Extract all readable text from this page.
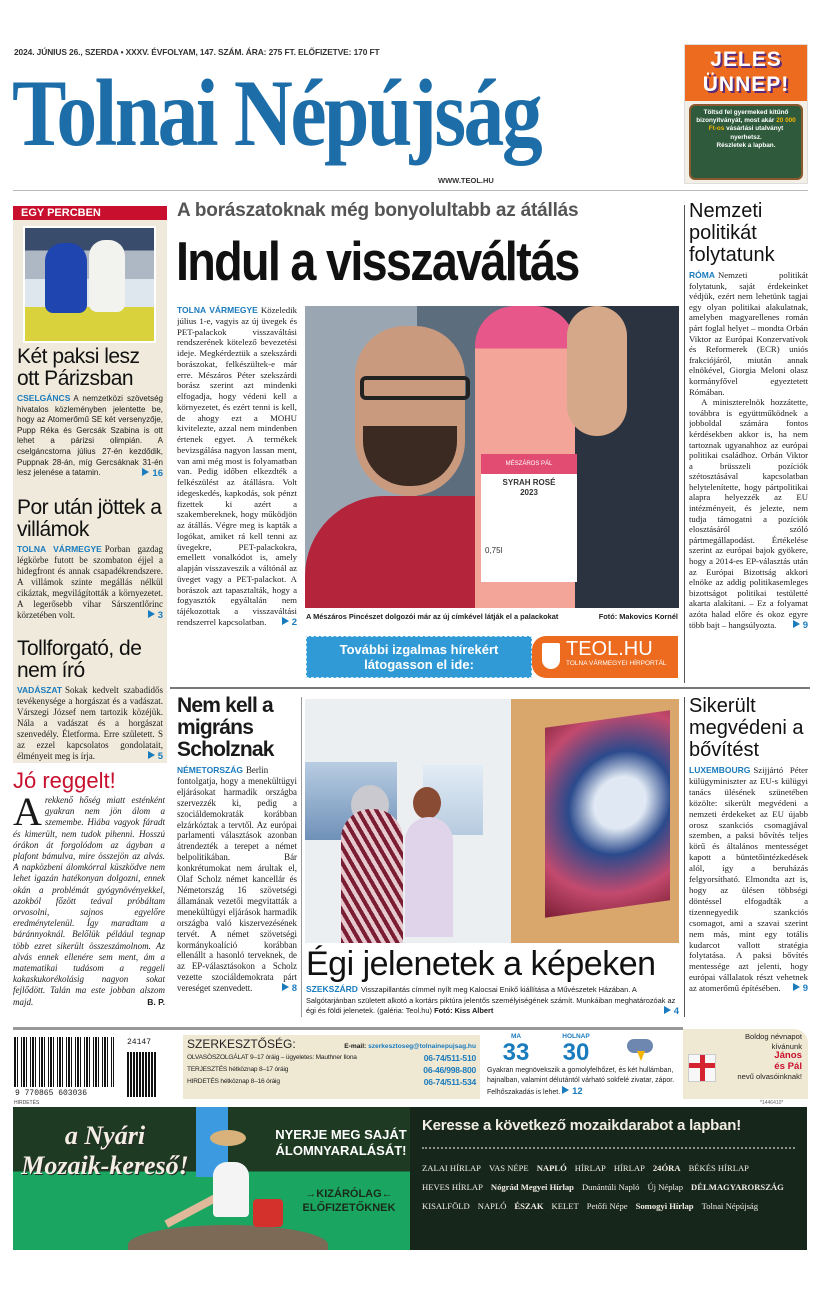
2024. JÚNIUS 26., SZERDA • XXXV. ÉVFOLYAM, 147. SZÁM. ÁRA: 275 FT. ELŐFIZETVE: 170 FT
Tolnai Népújság
WWW.TEOL.HU
JELES ÜNNEP!
Töltsd fel gyermeked kitűnő bizonyítványát, most akár 20 000 Ft-os vásárlási utalványt nyerhetsz.
Részletek a lapban.
EGY PERCBEN
Két paksi lesz ott Párizsban
CSELGÁNCS A nemzetközi szövetség hivatalos közleményben jelentette be, hogy az Atomerőmű SE két versenyzője, Pupp Réka és Gercsák Szabina is ott lehet a párizsi olimpián. A cselgáncstorna július 27-én kezdődik, Puppnak 28-án, míg Gercsáknak 31-én lesz jelenése a tatamin.	16
Por után jöttek a villámok
TOLNA VÁRMEGYE Porban gazdag légkörbe futott be szombaton éjjel a hidegfront és annak csapadékrendszere. A villámok szinte megállás nélkül cikáztak, megvilágították a környezetet. A legerősebb vihar Sárszentlőrinc körzetében volt.	3
Tollforgató, de nem író
VADÁSZAT Sokak kedvelt szabadidős tevékenysége a horgászat és a vadászat. Várszegi József nem tartozik közéjük. Nála a vadászat és a horgászat szenvedély. Életforma. Erre született. S az ezzel kapcsolatos gondolatait, élményeit meg is írja.	5
Jó reggelt!
Arekkenő hőség miatt esténként gyakran nem jön álom a szemembe. Hiába vagyok fáradt és kimerült, nem tudok pihenni. Hosszú órákon át forgolódom az ágyban a plafont bámulva, mire összejön az alvás. A napközbeni álomkórral küszködve nem lehet igazán hatékonyan dolgozni, ennek okán a problémát gyógynövényekkel, azokból főzött teával próbáltam orvosolni, sajnos egyelőre eredménytelenül. Így maradtam a báránnyoknál. Belőlük például tegnap több ezret sikerült összeszámolnom. Az alvás ennek ellenére sem ment, ám a matematikai tudásom a reggeli kakaskukorékolásig nagyon sokat fejlődött. Talán ma este jobban alszom majd.	B. P.
A borászatoknak még bonyolultabb az átállás
Indul a visszaváltás
TOLNA VÁRMEGYE Közeledik július 1-e, vagyis az új üvegek és PET-palackok visszaváltási rendszerének kötelező bevezetési ideje. Megkérdeztük a szekszárdi borászokat, felkészültek-e már erre. Mészáros Péter szekszárdi borász szerint azt mindenki elfogadja, hogy védeni kell a környezetet, és ezért tenni is kell, de ahogy ezt a MOHU kivitelezte, azzal nem mindenben értenek egyet. A termékek bevizsgálása nagyon lassan ment, van ami még most is folyamatban van. Pedig időben elkezdték a felkészülést az átállásra. Volt idegeskedés, kapkodás, sok pénzt fizettek ki azért a szakembereknek, hogy működjön az átállás. Végre meg is kapták a logókat, amiket rá kell tenni az üvegekre, PET-palackokra, emellett vonalkódot is, amely alapján visszaveszik a váltónál az üveget vagy a PET-palackot. A borászok azt tapasztalták, hogy a fogyasztók egyáltalán nem tájékozottak a visszaváltási rendszerrel kapcsolatban.	2
MÉSZÁROS PÁL
SYRAH ROSÉ
2023
0,75l
A Mészáros Pincészet dolgozói már az új címkével látják el a palackokat	Fotó: Makovics Kornél
További izgalmas hírekért látogasson el ide:
TEOL.HU
TOLNA VÁRMEGYEI HÍRPORTÁL
Nemzeti politikát folytatunk
RÓMA Nemzeti politikát folytatunk, saját érdekeinket védjük, ezért nem lehetünk tagjai egy olyan politikai alakulatnak, amelyben magyarellenes román párt foglal helyet – mondta Orbán Viktor az Európai Konzervatívok és Reformerek (ECR) uniós frakciójáról, miután annak elnökével, Giorgia Meloni olasz kormányfővel egyeztetett Rómában.
A miniszterelnök hozzátette, továbbra is együttműködnek a jobboldal számára fontos kérdésekben akkor is, ha nem tartoznak ugyanahhoz az európai politikai családhoz. Orbán Viktor a brüsszeli pozíciók szétosztásával kapcsolatban helytelenítette, hogy pártpolitikai alapra helyezzék az EU intézményeit, és jelezte, nem tudja támogatni a pozíciók elosztásáról szóló pártmegállapodást. Értékelése szerint az európai bajok gyökere, hogy a 2014-es EP-választás után az Európai Bizottság akkori elnöke az addig politikasemleges bizottságot politikai testületté akarta alakítani. – Ez a folyamat azóta halad előre és okoz egyre több bajt – hangsúlyozta.	9
Nem kell a migráns Scholznak
NÉMETORSZÁG Berlin fontolgatja, hogy a menekültügyi eljárásokat harmadik országba szervezzék ki, pedig a szociáldemokraták korábban elzárkóztak a tervtől. Az európai parlamenti választások azonban átrendezték a terepet a német belpolitikában. Bár konkrétumokat nem árultak el, Olaf Scholz német kancellár és Németország 16 szövetségi államának vezetői megvitatták a menekültügyi eljárások harmadik országba való kiszervezésének tervét. A német szövetségi kormánykoalíció korábban ellenállt a hasonló terveknek, de az EP-választásokon a Scholz vezette szociáldemokrata párt vereséget szenvedett.	8
Égi jelenetek a képeken
SZEKSZÁRD Visszapillantás címmel nyílt meg Kalocsai Enikő kiállítása a Művészetek Házában. A Salgótarjánban született alkotó a kortárs piktúra jelentős személyiségének számít. Munkáiban meghatározóak az égi és földi jelenetek. (galéria: Teol.hu) Fotó: Kiss Albert	4
Sikerült megvédeni a bővítést
LUXEMBOURG Szijjártó Péter külügyminiszter az EU-s külügyi tanács ülésének szünetében közölte: sikerült megvédeni a nemzeti érdekeket az EU újabb orosz szankciós csomagjával szemben, a paksi bővítés teljes körű és általános mentességet kapott a büntetőintézkedések alól, így a beruházás felgyorsítható. Elmondta azt is, hogy az ülésen többségi döntéssel elfogadták a tizennegyedik szankciós csomagot, ami a szavai szerint nem más, mint egy totális kudarcot vallott stratégia folytatása. A paksi bővítés mentessége azt jelenti, hogy európai vállalatok részt vehetnek az atomerőmű építésében.	9
9 770865 603036
24147
HIRDETÉS
SZERKESZTŐSÉG:	E-mail: szerkesztoseg@tolnainepujsag.hu
OLVASÓSZOLGÁLAT 9–17 óráig – ügyeletes: Mauthner Ilona	06-74/511-510
TERJESZTÉS hétköznap 8–17 óráig	06-46/998-800
HIRDETÉS hétköznap 8–16 óráig	06-74/511-534
MA
33
HOLNAP
30
Gyakran megnövekszik a gomolyfelhőzet, és két hullámban, hajnalban, valamint délutántól várható sokfelé zivatar, zápor. Felhőszakadás is lehet. 12
Boldog névnapot kívánunk
János
és Pál
nevű olvasóinknak!
*1446410*
a Nyári Mozaik-kereső!
NYERJE MEG SAJÁT ÁLOMNYARALÁSÁT!
→KIZÁRÓLAG← ELŐFIZETŐKNEK
Keresse a következő mozaikdarabot a lapban!
ZALAI HÍRLAP VAS NÉPE NAPLÓ HÍRLAP HÍRLAP 24ÓRA BÉKÉS HÍRLAP
HEVES HÍRLAP Nógrád Megyei Hírlap Dunántúli Napló Új Néplap DÉLMAGYARORSZÁG
KISALFÖLD NAPLÓ ÉSZAK KELET Petőfi Népe Somogyi Hírlap Tolnai Népújság
